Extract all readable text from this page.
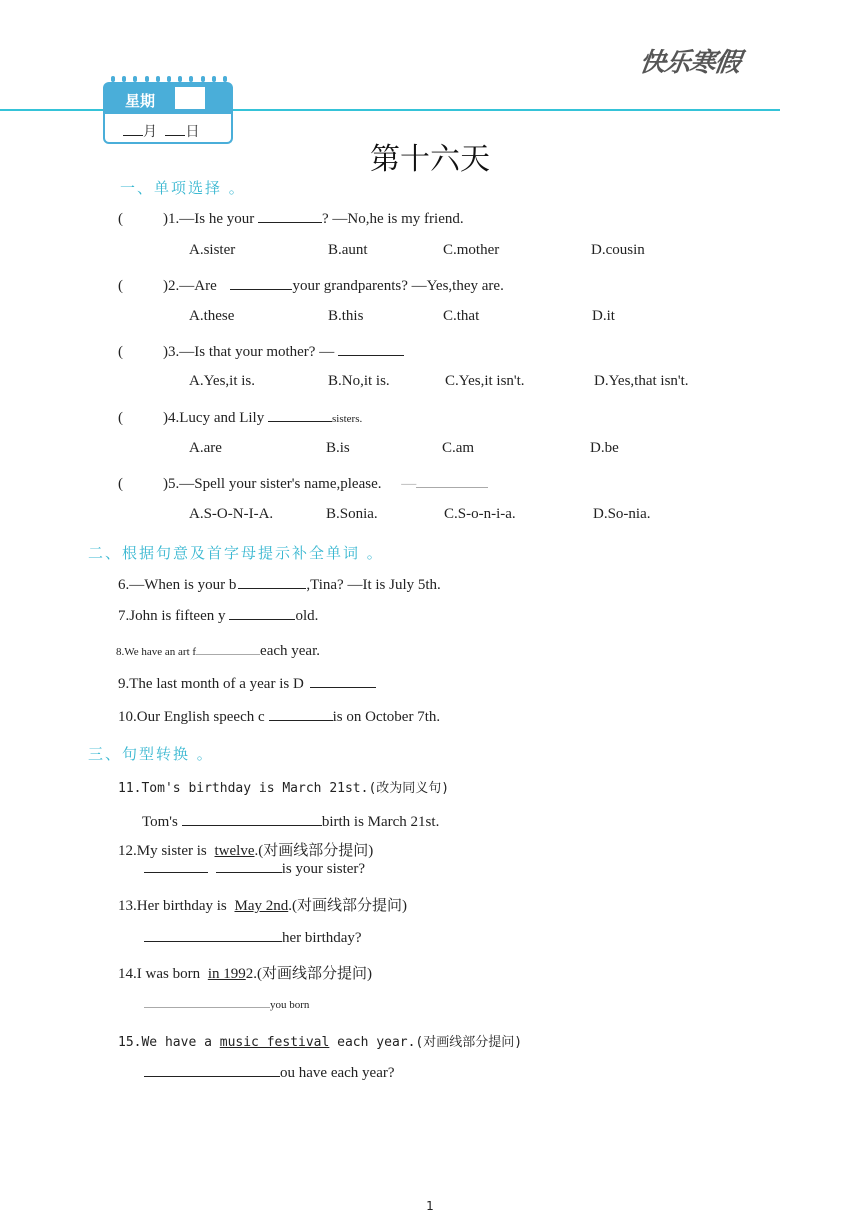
快乐寒假
星期
月 日
第十六天
一、单项选择 。
(	)1.—Is he your	? —No,he is my friend.
A.sister	B.aunt	C.mother	D.cousin
(	)2.—Are	your grandparents? —Yes,they are.
A.these	B.this	C.that	D.it
(	)3.—Is that your mother? —
A.Yes,it is.	B.No,it is.	C.Yes,it isn't.	D.Yes,that isn't.
(	)4.Lucy and Lily	sisters.
A.are	B.is	C.am	D.be
(	)5.—Spell your sister's name,please. —
A.S-O-N-I-A.	B.Sonia.	C.S-o-n-i-a.	D.So-nia.
二、根据句意及首字母提示补全单词 。
6.—When is your b	,Tina? —It is July 5th.
7.John is fifteen y	old.
8.We have an art f	each year.
9.The last month of a year is D
10.Our English speech c	is on October 7th.
三、句型转换 。
11.Tom's birthday is March 21st.(改为同义句)
Tom's	birth is March 21st.
12.My sister is twelve.(对画线部分提问)
is your sister?
13.Her birthday is May 2nd.(对画线部分提问)
her birthday?
14.I was born in 1992.(对画线部分提问)
you born
15.We have a music festival each year.(对画线部分提问)
ou have each year?
1
